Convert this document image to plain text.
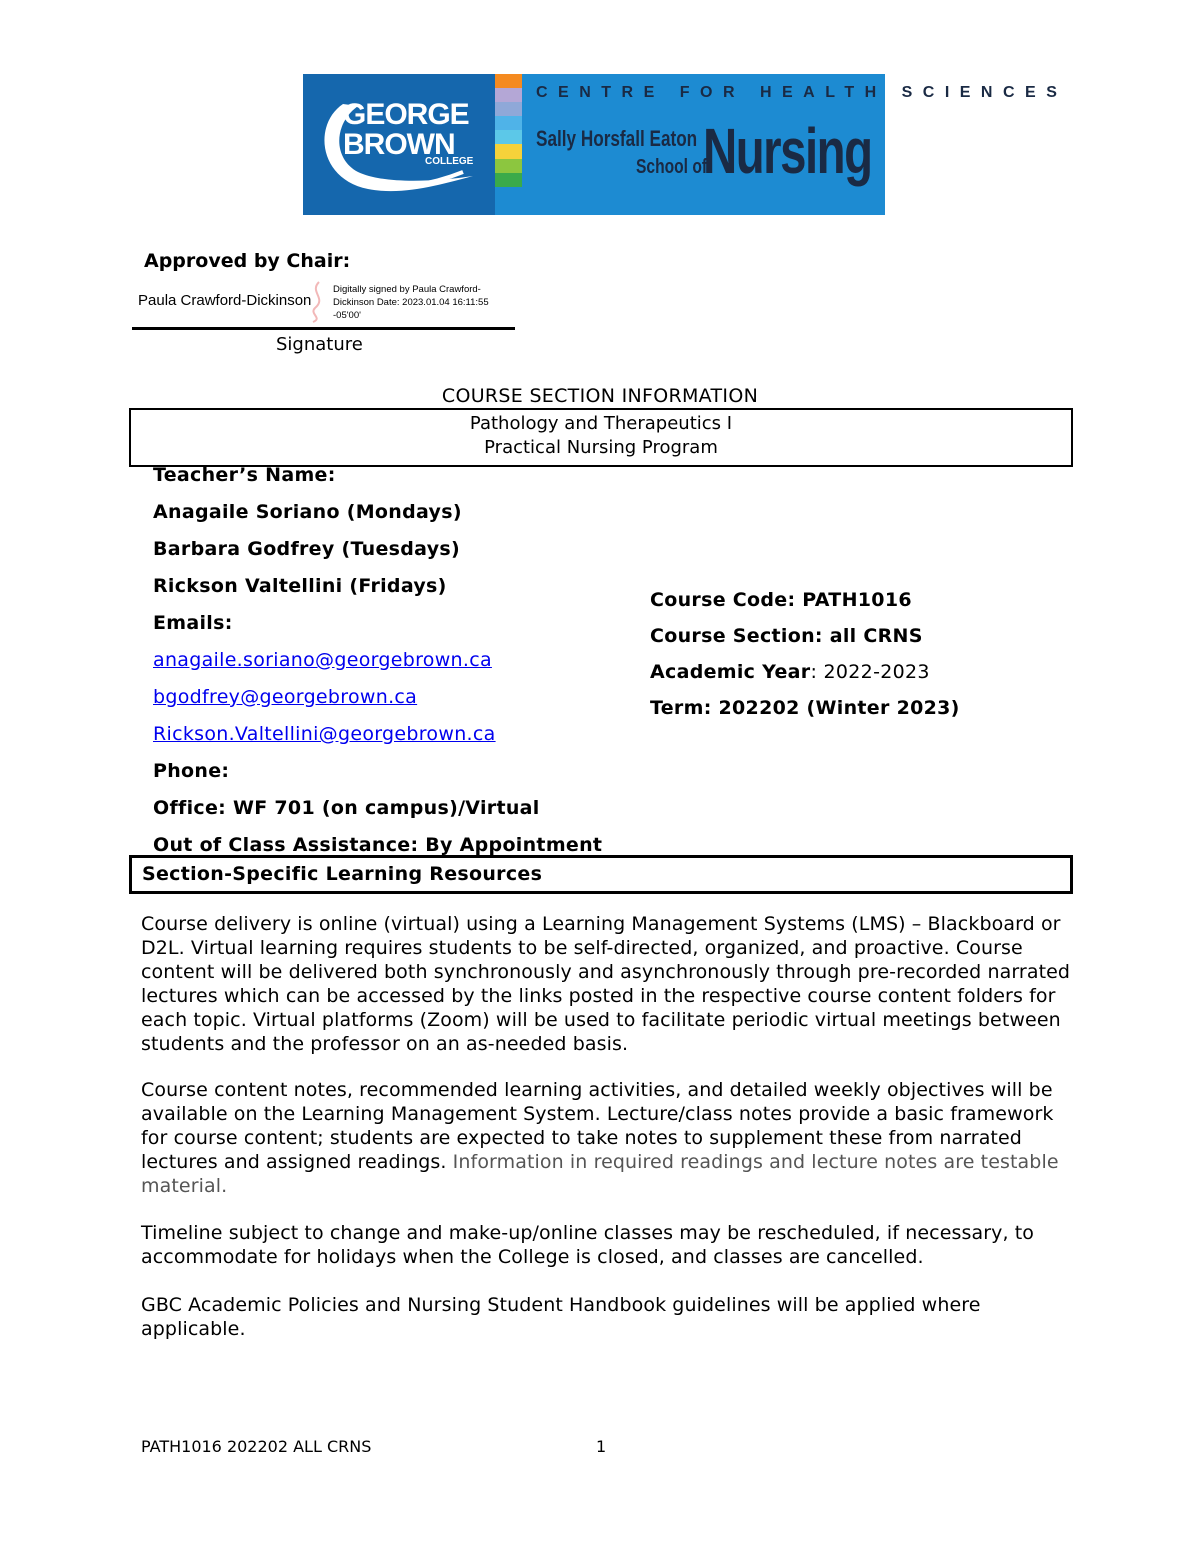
GEORGE
BROWN
COLLEGE
CENTRE FOR HEALTH SCIENCES
Sally Horsfall Eaton
School of
Nursing
Approved by Chair:
Paula Crawford-Dickinson
Digitally signed by Paula Crawford-Dickinson Date: 2023.01.04 16:11:55 -05'00'
Signature
COURSE SECTION INFORMATION
Pathology and Therapeutics I
Practical Nursing Program
Teacher’s Name:
Anagaile Soriano (Mondays)
Barbara Godfrey (Tuesdays)
Rickson Valtellini (Fridays)
Emails:
anagaile.soriano@georgebrown.ca
bgodfrey@georgebrown.ca
Rickson.Valtellini@georgebrown.ca
Phone:
Office: WF 701 (on campus)/Virtual
Out of Class Assistance: By Appointment
Course Code: PATH1016
Course Section: all CRNS
Academic Year: 2022-2023
Term: 202202 (Winter 2023)
Section-Specific Learning Resources
Course delivery is online (virtual) using a Learning Management Systems (LMS) – Blackboard or D2L. Virtual learning requires students to be self-directed, organized, and proactive. Course content will be delivered both synchronously and asynchronously through pre-recorded narrated lectures which can be accessed by the links posted in the respective course content folders for each topic. Virtual platforms (Zoom) will be used to facilitate periodic virtual meetings between students and the professor on an as-needed basis.
Course content notes, recommended learning activities, and detailed weekly objectives will be available on the Learning Management System. Lecture/class notes provide a basic framework for course content; students are expected to take notes to supplement these from narrated lectures and assigned readings. Information in required readings and lecture notes are testable material.
Timeline subject to change and make-up/online classes may be rescheduled, if necessary, to accommodate for holidays when the College is closed, and classes are cancelled.
GBC Academic Policies and Nursing Student Handbook guidelines will be applied where applicable.
PATH1016 202202 ALL CRNS	1
